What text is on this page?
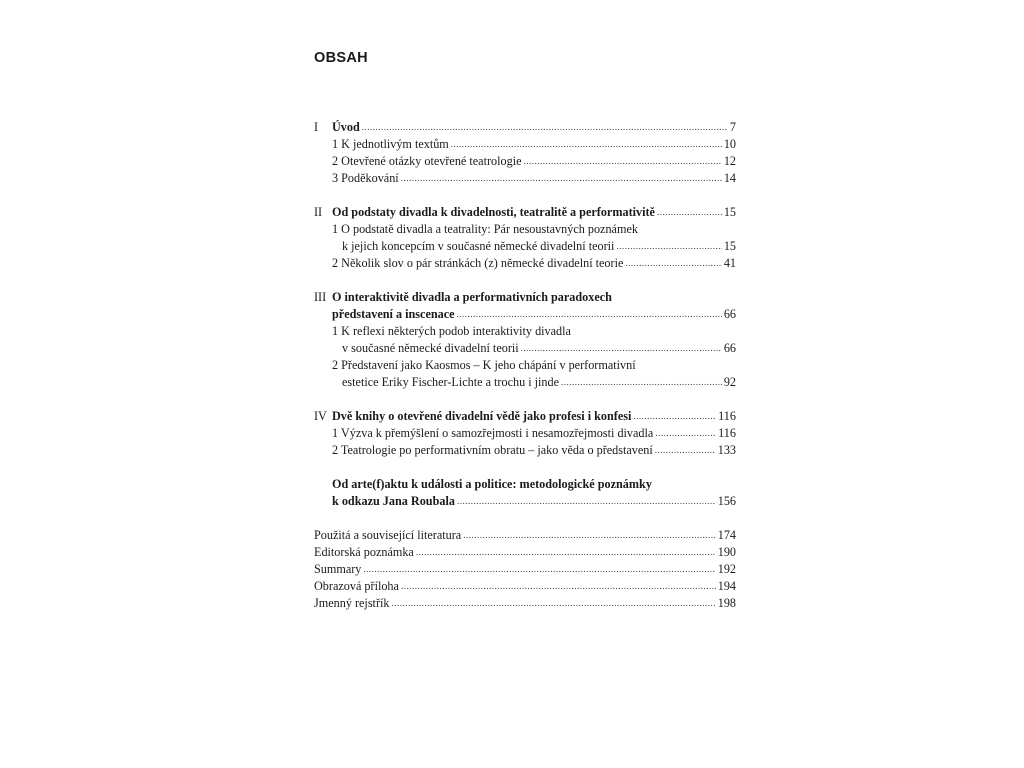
OBSAH
I	Úvod .....	7
1 K jednotlivým textům .....	10
2 Otevřené otázky otevřené teatrologie .....	12
3 Poděkování .....	14
II Od podstaty divadla k divadelnosti, teatralitě a performativitě .....	15
1 O podstatě divadla a teatrality: Pár nesoustavných poznámek
k jejich koncepcím v současné německé divadelní teorii .....	15
2 Několik slov o pár stránkách (z) německé divadelní teorie .....	41
III O interaktivitě divadla a performativních paradoxech
představení a inscenace .....	66
1 K reflexi některých podob interaktivity divadla
v současné německé divadelní teorii .....	66
2 Představení jako Kaosmos – K jeho chápání v performativní
estetice Eriky Fischer-Lichte a trochu i jinde .....	92
IV Dvě knihy o otevřené divadelní vědě jako profesi i konfesi .....	116
1 Výzva k přemýšlení o samozřejmosti i nesamozřejmosti divadla .....	116
2 Teatrologie po performativním obratu – jako věda o představení .....	133
Od arte(f)aktu k události a politice: metodologické poznámky
k odkazu Jana Roubala .....	156
Použitá a související literatura .....	174
Editorská poznámka .....	190
Summary .....	192
Obrazová příloha .....	194
Jmenný rejstřík .....	198
